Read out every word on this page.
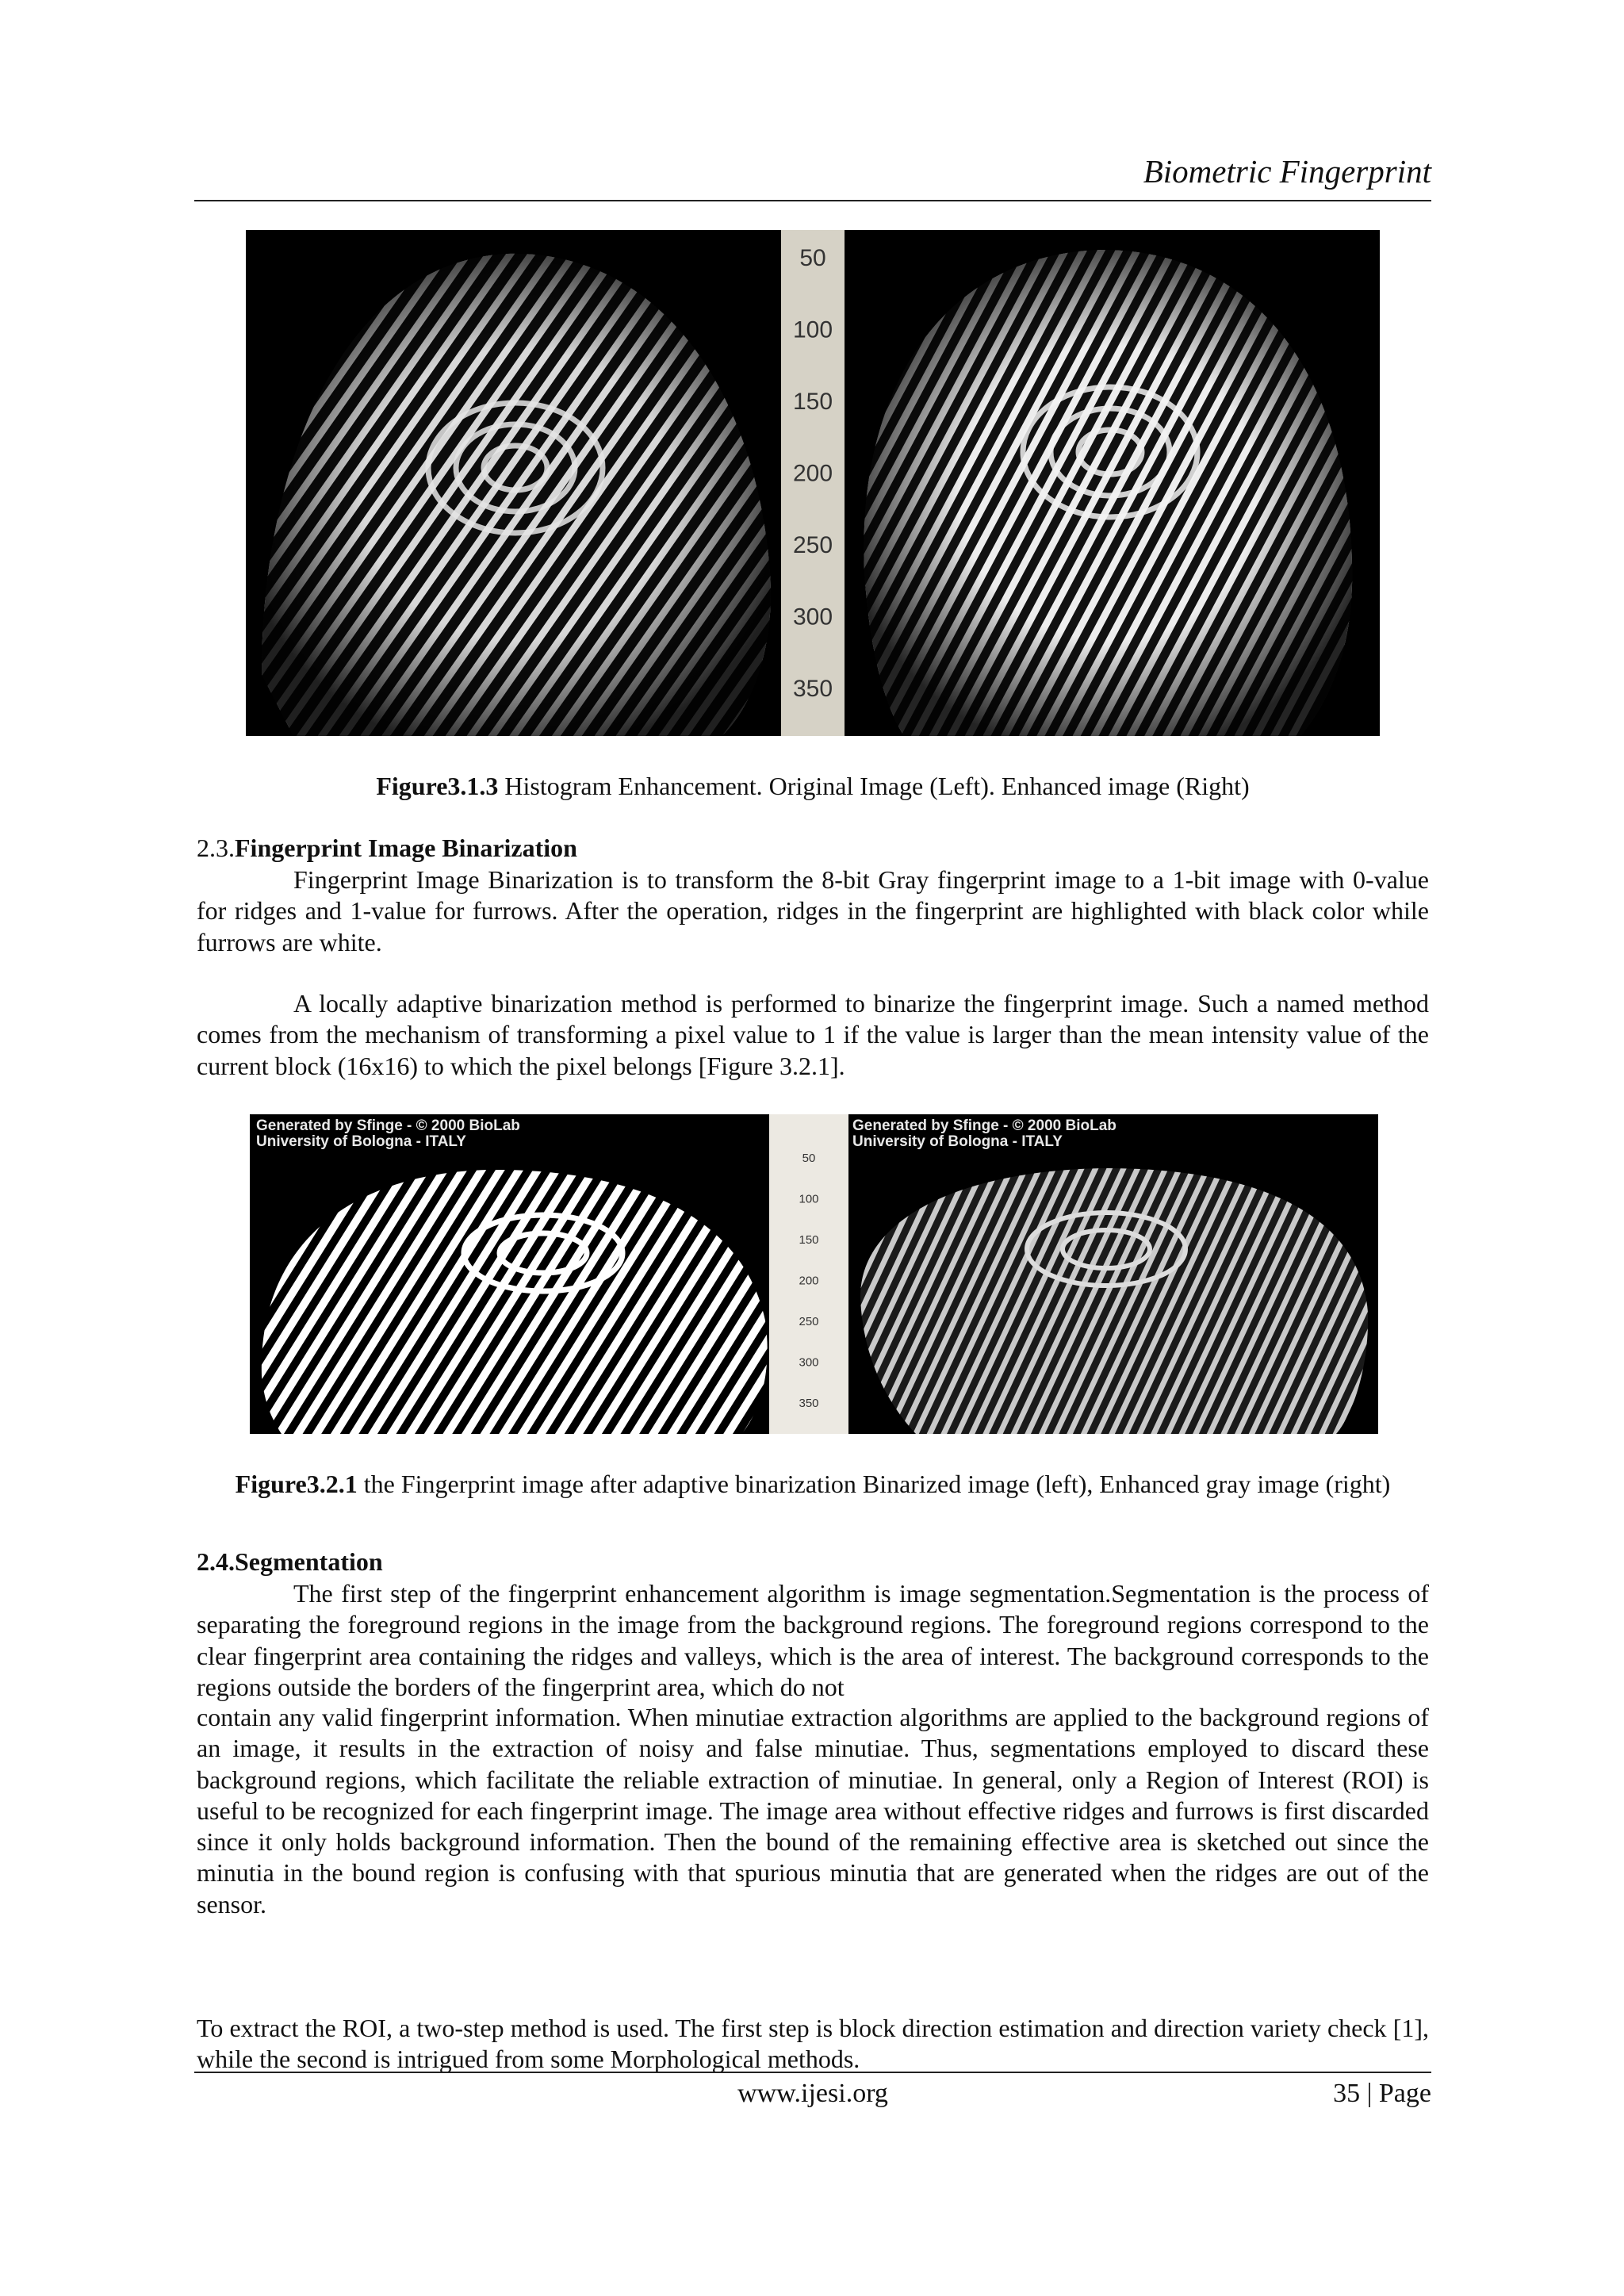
Biometric Fingerprint
50
100
150
200
250
300
350
Figure3.1.3 Histogram Enhancement. Original Image (Left). Enhanced image (Right)
2.3.Fingerprint Image Binarization

Fingerprint Image Binarization is to transform the 8-bit Gray fingerprint image to a 1-bit image with 0-value for ridges and 1-value for furrows. After the operation, ridges in the fingerprint are highlighted with black color while furrows are white.

A locally adaptive binarization method is performed to binarize the fingerprint image. Such a named method comes from the mechanism of transforming a pixel value to 1 if the value is larger than the mean intensity value of the current block (16x16) to which the pixel belongs [Figure 3.2.1].

Generated by Sfinge - © 2000 BioLab
University of Bologna - ITALY
Generated by Sfinge - © 2000 BioLab
University of Bologna - ITALY
50
100
150
200
250
300
350
Figure3.2.1 the Fingerprint image after adaptive binarization Binarized image (left), Enhanced gray image (right)
2.4.Segmentation

The first step of the fingerprint enhancement algorithm is image segmentation.Segmentation is the process of separating the foreground regions in the image from the background regions. The foreground regions correspond to the clear fingerprint area containing the ridges and valleys, which is the area of interest. The background corresponds to the regions outside the borders of the fingerprint area, which do not

contain any valid fingerprint information. When minutiae extraction algorithms are applied to the background regions of an image, it results in the extraction of noisy and false minutiae. Thus, segmentations employed to discard these background regions, which facilitate the reliable extraction of minutiae. In general, only a Region of Interest (ROI) is useful to be recognized for each fingerprint image. The image area without effective ridges and furrows is first discarded since it only holds background information. Then the bound of the remaining effective area is sketched out since the minutia in the bound region is confusing with that spurious minutia that are generated when the ridges are out of the sensor.

To extract the ROI, a two-step method is used. The first step is block direction estimation and direction variety check [1], while the second is intrigued from some Morphological methods.

www.ijesi.org	35 | Page
